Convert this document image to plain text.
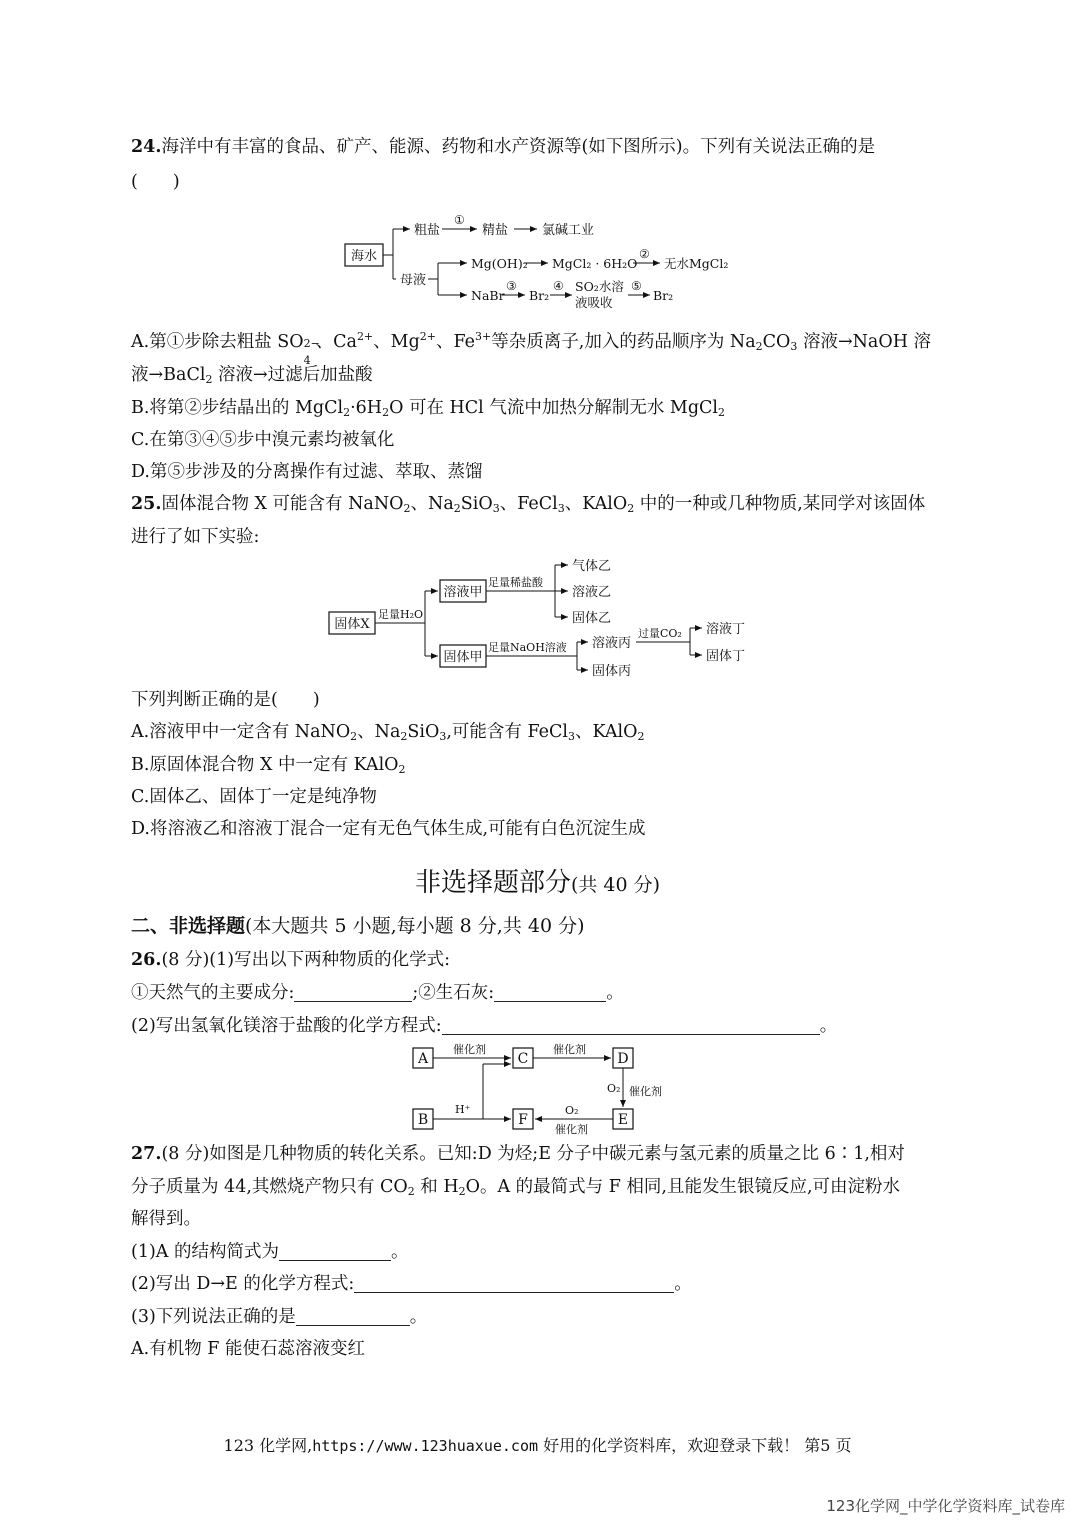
24.海洋中有丰富的食品、矿产、能源、药物和水产资源等(如下图所示)。下列有关说法正确的是
(　　)
海水
粗盐
①
精盐	氯碱工业
母液
Mg(OH)₂ MgCl₂ · 6H₂O
②
无水MgCl₂
NaBr
③
Br₂
④ SO₂水溶
液吸收
⑤
Br₂
A.第①步除去粗盐 SO 2−
4
、$Ca^{2+}$、$Mg^{2+}$、$Fe^{3+}$等杂质离子,加入的药品顺序为 $Na_2CO_3$ 溶液→NaOH 溶
液→BaCl$_2$ 溶液→过滤后加盐酸
B.将第②步结晶出的 $MgCl_2\cdot 6H_2O$ 可在 HCl 气流中加热分解制无水 MgCl$_2$
C.在第③④⑤步中溴元素均被氧化
D.第⑤步涉及的分离操作有过滤、萃取、蒸馏
25.固体混合物 X 可能含有 NaNO$_2$、$Na_2SiO_3$、FeCl$_3$、KAlO$_2$ 中的一种或几种物质,某同学对该固体
进行了如下实验:
固体X
足量H₂O
溶液甲
足量稀盐酸
气体乙
溶液乙
固体乙
固体甲
足量NaOH溶液 溶液丙
固体丙
过量CO₂ 溶液丁
固体丁
下列判断正确的是(　　)
A.溶液甲中一定含有 NaNO$_2$、$Na_2SiO_3$,可能含有 FeCl$_3$、KAlO$_2$
B.原固体混合物 X 中一定有 KAlO$_2$
C.固体乙、固体丁一定是纯净物
D.将溶液乙和溶液丁混合一定有无色气体生成,可能有白色沉淀生成
非选择题部分(共 40 分)
二、非选择题(本大题共 5 小题,每小题 8 分,共 40 分)
26.(8 分)(1)写出以下两种物质的化学式:
①天然气的主要成分:	;②生石灰:	。
(2)写出氢氧化镁溶于盐酸的化学方程式:	。
A	C	D
B	F	E
催化剂	催化剂
O₂ 催化剂
O₂
催化剂
H⁺
27.(8 分)如图是几种物质的转化关系。已知:D 为烃;E 分子中碳元素与氢元素的质量之比 6∶1,相对
分子质量为 44,其燃烧产物只有 $CO_2$ 和 $H_2O$。A 的最简式与 F 相同,且能发生银镜反应,可由淀粉水
解得到。
(1)A 的结构简式为	。
(2)写出 D→E 的化学方程式:	。
(3)下列说法正确的是	。
A.有机物 F 能使石蕊溶液变红
123 化学网,https://www.123huaxue.com 好用的化学资料库，欢迎登录下载！ 第5 页
123化学网_中学化学资料库_试卷库
